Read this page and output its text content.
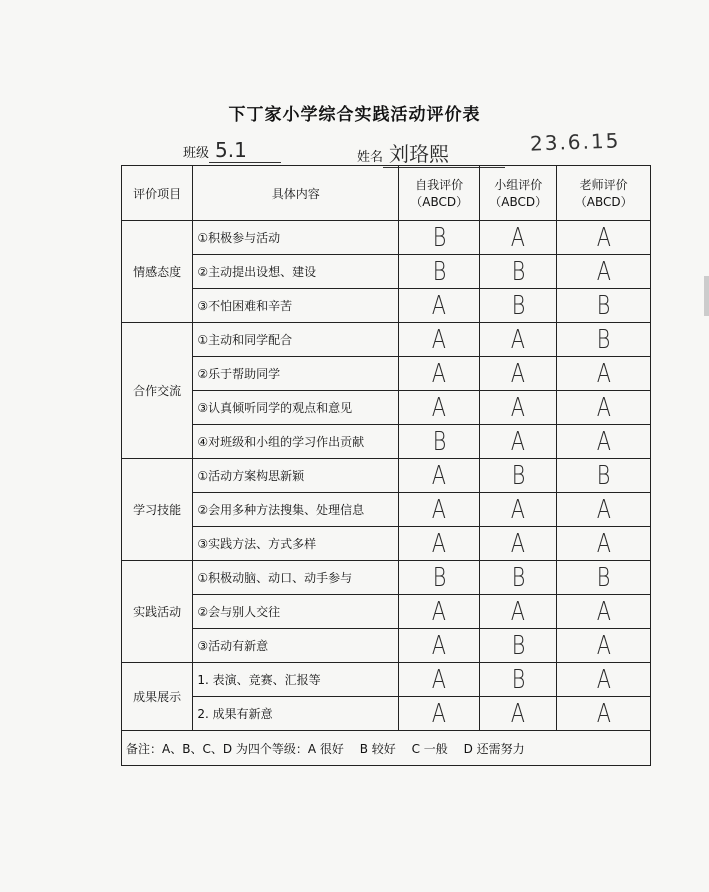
下丁家小学综合实践活动评价表
班级 5.1	姓名 刘珞熙	23.6.15
评价项目	具体内容	自我评价（ABCD）	小组评价（ABCD）	老师评价（ABCD）
情感态度	①积极参与活动	B	A	A
	②主动提出设想、建设	B	B	A
	③不怕困难和辛苦	A	B	B
合作交流	①主动和同学配合	A	A	B
	②乐于帮助同学	A	A	A
	③认真倾听同学的观点和意见	A	A	A
	④对班级和小组的学习作出贡献	B	A	A
学习技能	①活动方案构思新颖	A	B	B
	②会用多种方法搜集、处理信息	A	A	A
	③实践方法、方式多样	A	A	A
实践活动	①积极动脑、动口、动手参与	B	B	B
	②会与别人交往	A	A	A
	③活动有新意	A	B	A
成果展示	1. 表演、竞赛、汇报等	A	B	A
	2. 成果有新意	A	A	A
备注：A、B、C、D 为四个等级：A 很好　 B 较好　 C 一般　 D 还需努力				
